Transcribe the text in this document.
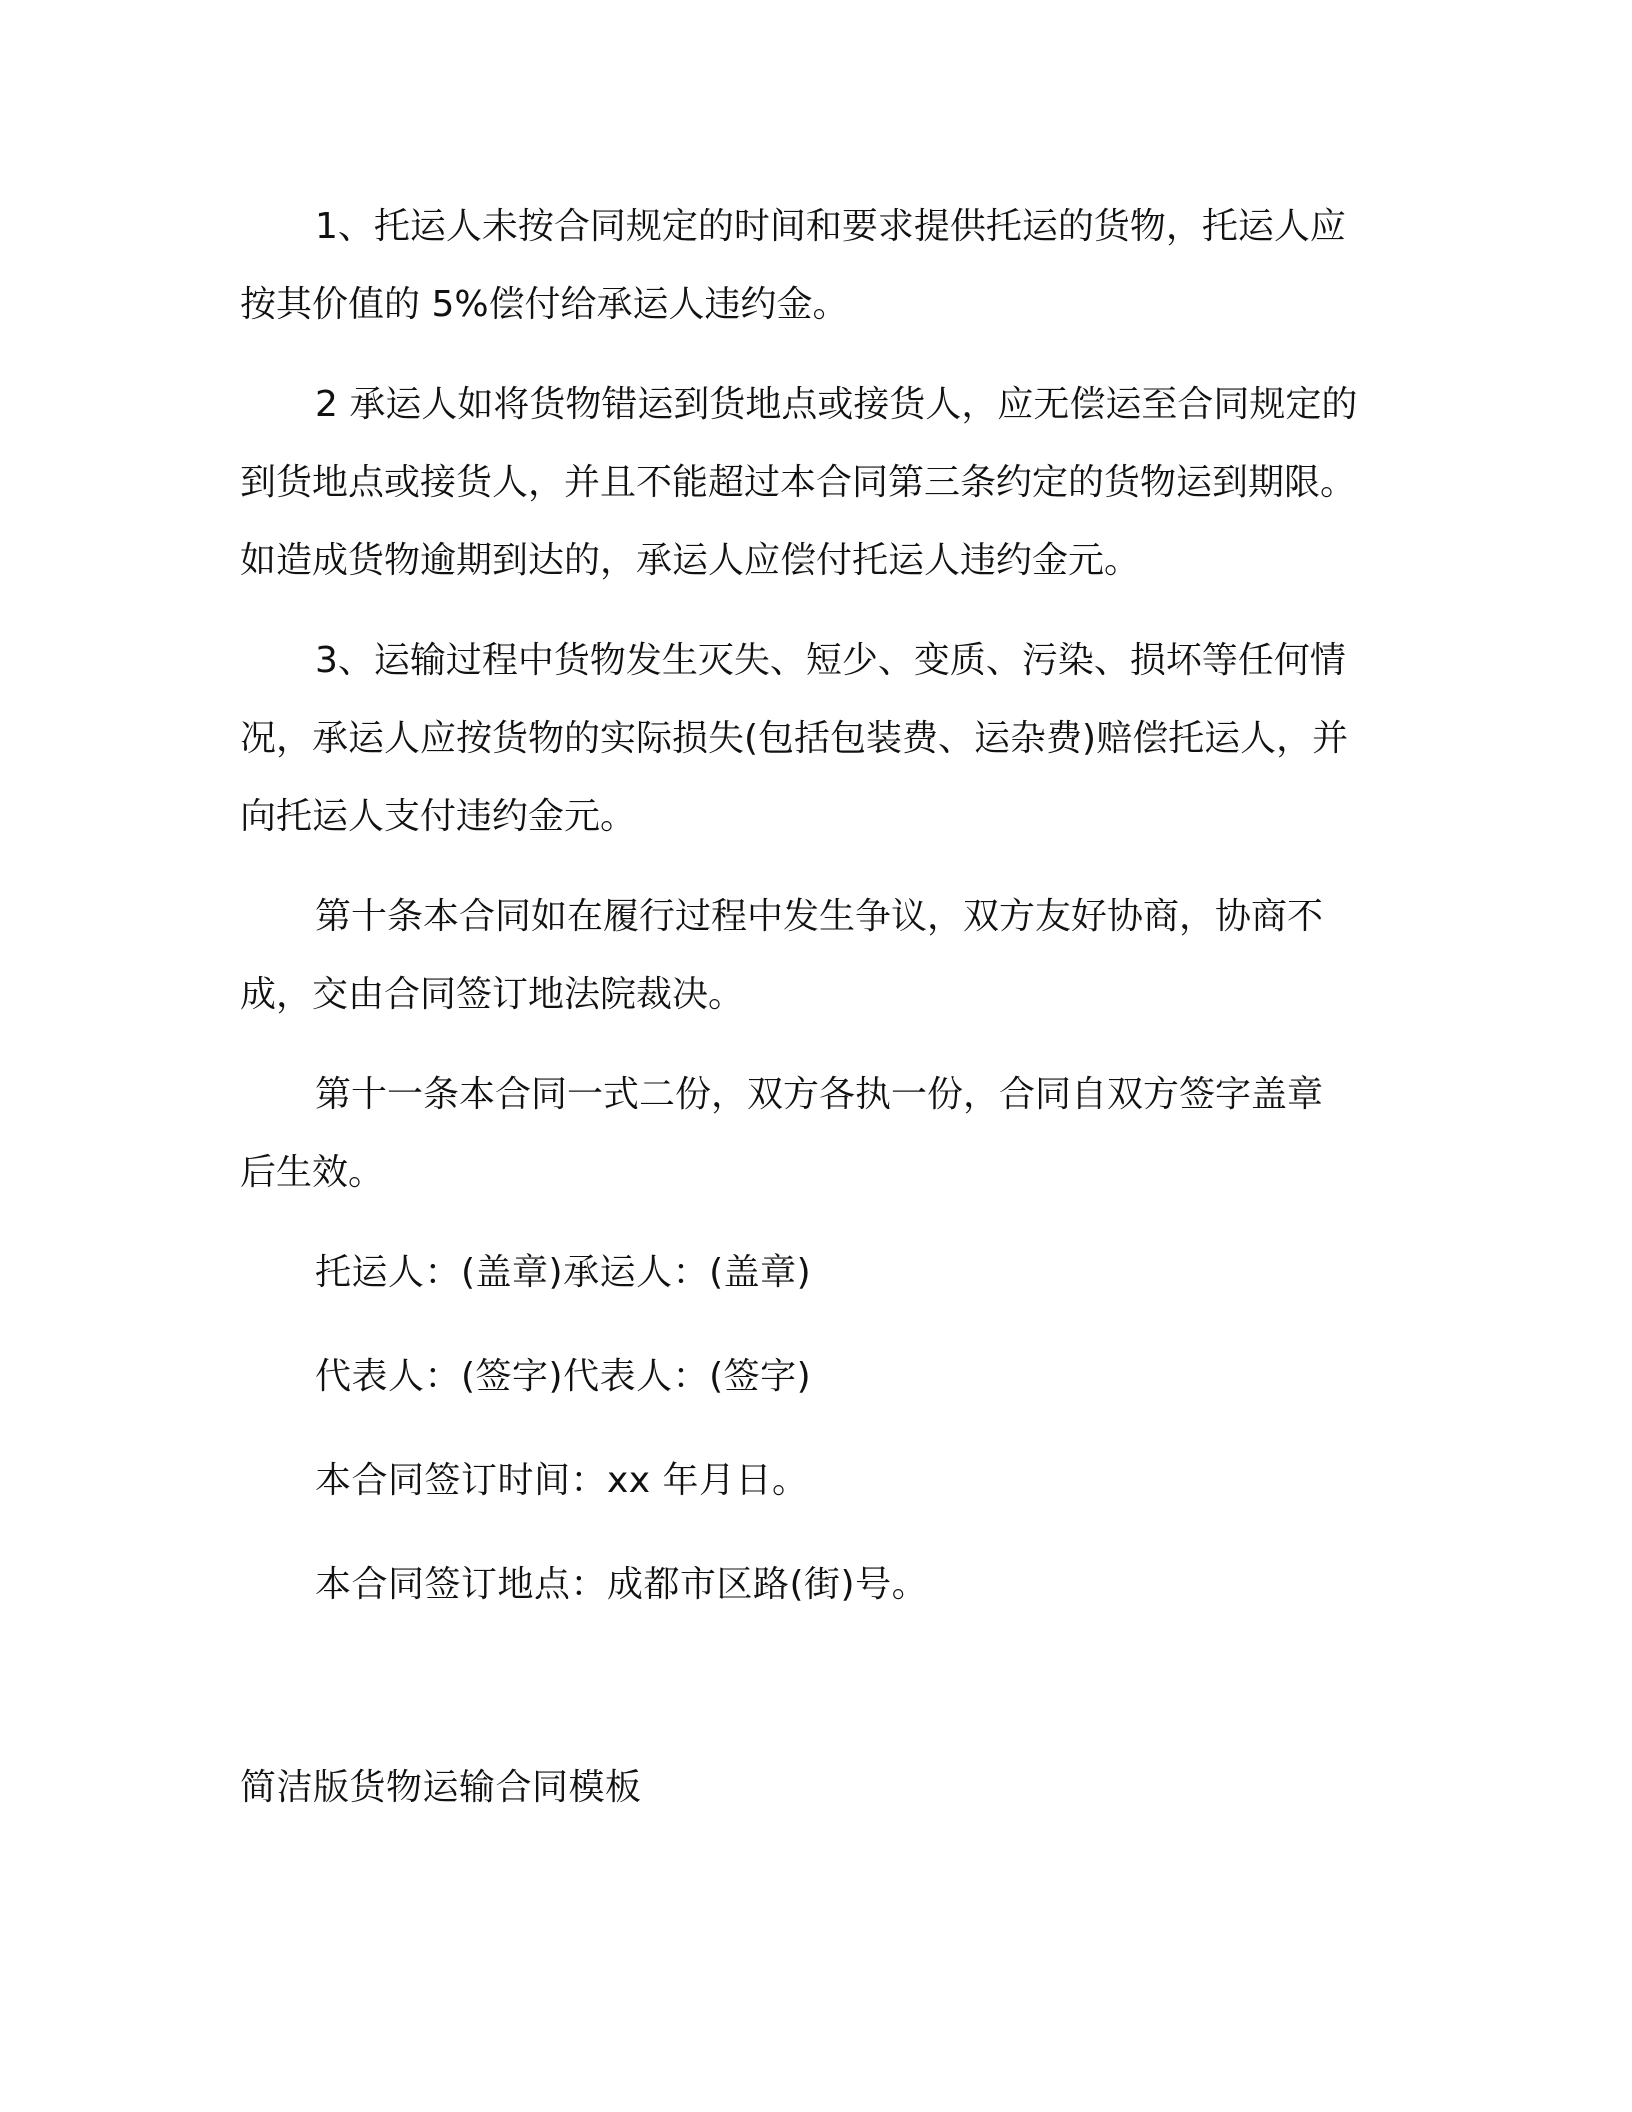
1、托运人未按合同规定的时间和要求提供托运的货物，托运人应
按其价值的 5%偿付给承运人违约金。
2 承运人如将货物错运到货地点或接货人，应无偿运至合同规定的
到货地点或接货人，并且不能超过本合同第三条约定的货物运到期限。
如造成货物逾期到达的，承运人应偿付托运人违约金元。
3、运输过程中货物发生灭失、短少、变质、污染、损坏等任何情
况，承运人应按货物的实际损失(包括包装费、运杂费)赔偿托运人，并
向托运人支付违约金元。
第十条本合同如在履行过程中发生争议，双方友好协商，协商不
成，交由合同签订地法院裁决。
第十一条本合同一式二份，双方各执一份，合同自双方签字盖章
后生效。
托运人：(盖章)承运人：(盖章)
代表人：(签字)代表人：(签字)
本合同签订时间：xx 年月日。
本合同签订地点：成都市区路(街)号。
简洁版货物运输合同模板
